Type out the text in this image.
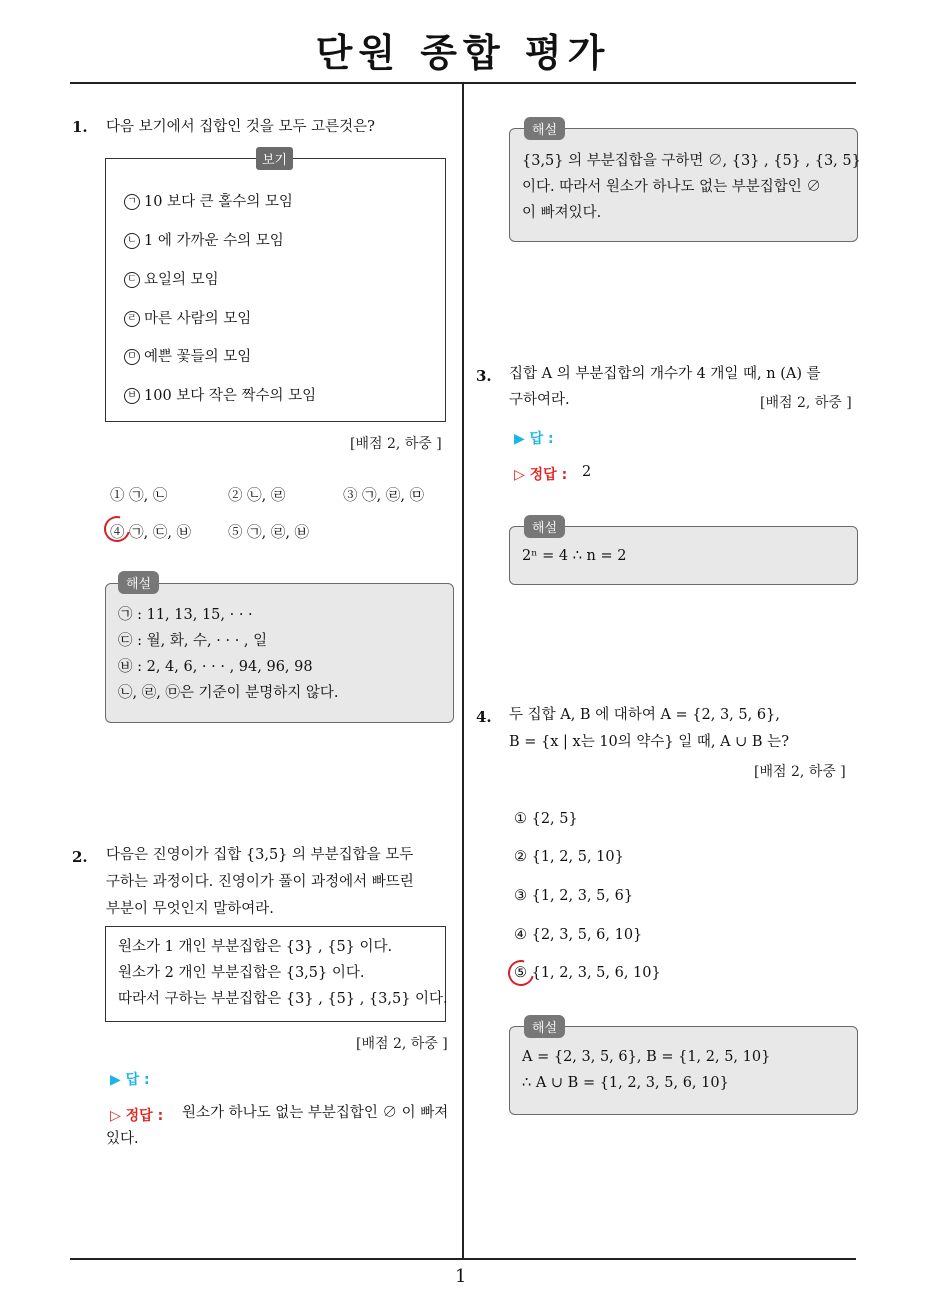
단원 종합 평가
1
1. 다음 보기에서 집합인 것을 모두 고른것은?
보기
ㄱ 10 보다 큰 홀수의 모임
ㄴ 1 에 가까운 수의 모임
ㄷ 요일의 모임
ㄹ 마른 사람의 모임
ㅁ 예쁜 꽃들의 모임
ㅂ 100 보다 작은 짝수의 모임
[배점 2, 하중 ]
① ㉠, ㉡	② ㉡, ㉣	③ ㉠, ㉣, ㉤
④ ㉠, ㉢, ㉥	⑤ ㉠, ㉣, ㉥
해설
㉠ : 11, 13, 15, · · ·
㉢ : 월, 화, 수, · · · , 일
㉥ : 2, 4, 6, · · · , 94, 96, 98
㉡, ㉣, ㉤은 기준이 분명하지 않다.
2. 다음은 진영이가 집합 {3,5} 의 부분집합을 모두
구하는 과정이다. 진영이가 풀이 과정에서 빠뜨린
부분이 무엇인지 말하여라.
원소가 1 개인 부분집합은 {3} , {5} 이다.
원소가 2 개인 부분집합은 {3,5} 이다.
따라서 구하는 부분집합은 {3} , {5} , {3,5} 이다.
[배점 2, 하중 ]
▶ 답 :
▷ 정답 : 원소가 하나도 없는 부분집합인 ∅ 이 빠져
있다.
해설
{3,5} 의 부분집합을 구하면 ∅, {3} , {5} , {3, 5}
이다. 따라서 원소가 하나도 없는 부분집합인 ∅
이 빠져있다.
3. 집합 A 의 부분집합의 개수가 4 개일 때, n (A) 를
구하여라.	[배점 2, 하중 ]
▶ 답 :
▷ 정답 : 2
해설
2ⁿ = 4 ∴ n = 2
4. 두 집합 A, B 에 대하여 A = {2, 3, 5, 6},
B = {x | x는 10의 약수} 일 때, A ∪ B 는?
[배점 2, 하중 ]
① {2, 5}
② {1, 2, 5, 10}
③ {1, 2, 3, 5, 6}
④ {2, 3, 5, 6, 10}
⑤ {1, 2, 3, 5, 6, 10}
해설
A = {2, 3, 5, 6}, B = {1, 2, 5, 10}
∴ A ∪ B = {1, 2, 3, 5, 6, 10}
